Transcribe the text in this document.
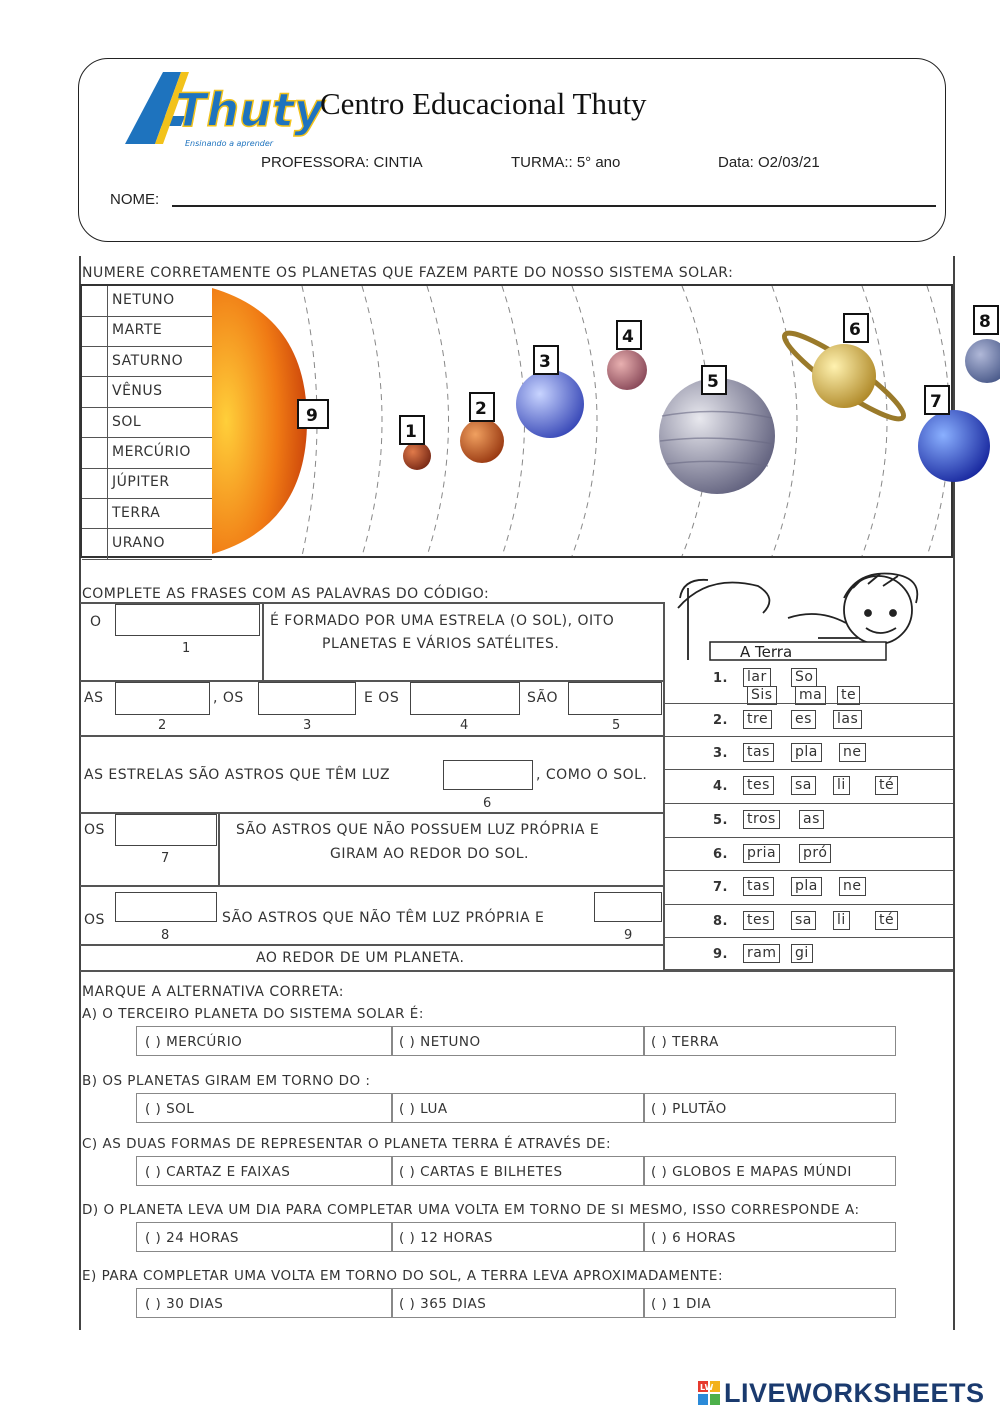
Thuty
Ensinando a aprender
Centro Educacional Thuty
PROFESSORA: CINTIA	TURMA:: 5° ano	Data: O2/03/21
NOME:
NUMERE CORRETAMENTE OS PLANETAS QUE FAZEM PARTE DO NOSSO SISTEMA SOLAR:
NETUNO
MARTE
SATURNO
VÊNUS
SOL
MERCÚRIO
JÚPITER
TERRA
URANO
9
1
2
3
4
5
6
7
8
COMPLETE AS FRASES COM AS PALAVRAS DO CÓDIGO:
O
1
É FORMADO POR UMA ESTRELA (O SOL), OITO
PLANETAS E VÁRIOS SATÉLITES.
AS
2
, OS
3
E OS
4
SÃO
5
AS ESTRELAS SÃO ASTROS QUE TÊM LUZ
6
, COMO O SOL.
OS
7
SÃO ASTROS QUE NÃO POSSUEM LUZ PRÓPRIA E
GIRAM AO REDOR DO SOL.
OS
8
SÃO ASTROS QUE NÃO TÊM LUZ PRÓPRIA E
9
AO REDOR DE UM PLANETA.
A Terra
1. lar So
Sis ma te
2. tre es las
3. tas pla ne
4. tes sa li té
5. tros as
6. pria pró
7. tas pla ne
8. tes sa li té
9. ram gi
MARQUE A ALTERNATIVA CORRETA:
A) O TERCEIRO PLANETA DO SISTEMA SOLAR É:
( ) MERCÚRIO	( ) NETUNO	( ) TERRA
B) OS PLANETAS GIRAM EM TORNO DO :
( ) SOL	( ) LUA	( ) PLUTÃO
C) AS DUAS FORMAS DE REPRESENTAR O PLANETA TERRA É ATRAVÉS DE:
( ) CARTAZ E FAIXAS	( ) CARTAS E BILHETES	( ) GLOBOS E MAPAS MÚNDI
D) O PLANETA LEVA UM DIA PARA COMPLETAR UMA VOLTA EM TORNO DE SI MESMO, ISSO CORRESPONDE A:
( ) 24 HORAS	( ) 12 HORAS	( ) 6 HORAS
E) PARA COMPLETAR UMA VOLTA EM TORNO DO SOL, A TERRA LEVA APROXIMADAMENTE:
( ) 30 DIAS	( ) 365 DIAS	( ) 1 DIA
LW LIVEWORKSHEETS
